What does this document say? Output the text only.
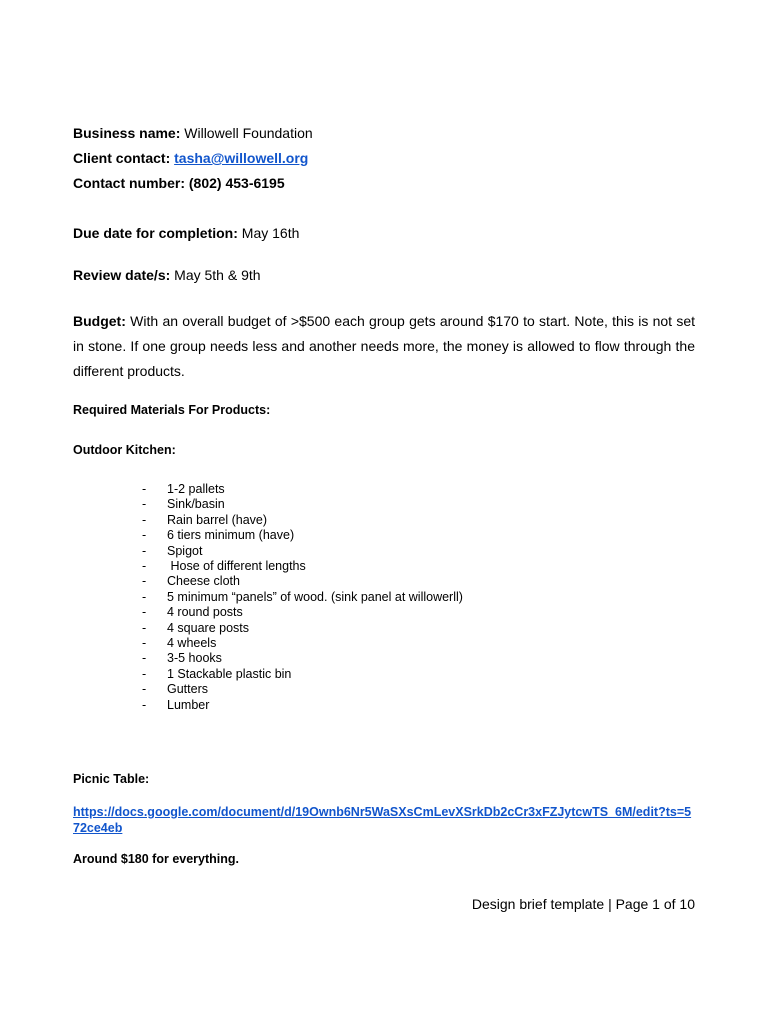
Business name: Willowell Foundation
Client contact: tasha@willowell.org
Contact number: (802) 453-6195
Due date for completion: May 16th
Review date/s: May 5th & 9th
Budget: With an overall budget of >$500 each group gets around $170 to start. Note, this is not set in stone. If one group needs less and another needs more, the money is allowed to flow through the different products.
Required Materials For Products:
Outdoor Kitchen:
- 1-2 pallets
- Sink/basin
- Rain barrel (have)
- 6 tiers minimum (have)
- Spigot
- Hose of different lengths
- Cheese cloth
- 5 minimum “panels” of wood. (sink panel at willowerll)
- 4 round posts
- 4 square posts
- 4 wheels
- 3-5 hooks
- 1 Stackable plastic bin
- Gutters
- Lumber
Picnic Table:
https://docs.google.com/document/d/19Ownb6Nr5WaSXsCmLevXSrkDb2cCr3xFZJytcwTS_6M/edit?ts=572ce4eb
Around $180 for everything.
Design brief template | Page 1 of 10
